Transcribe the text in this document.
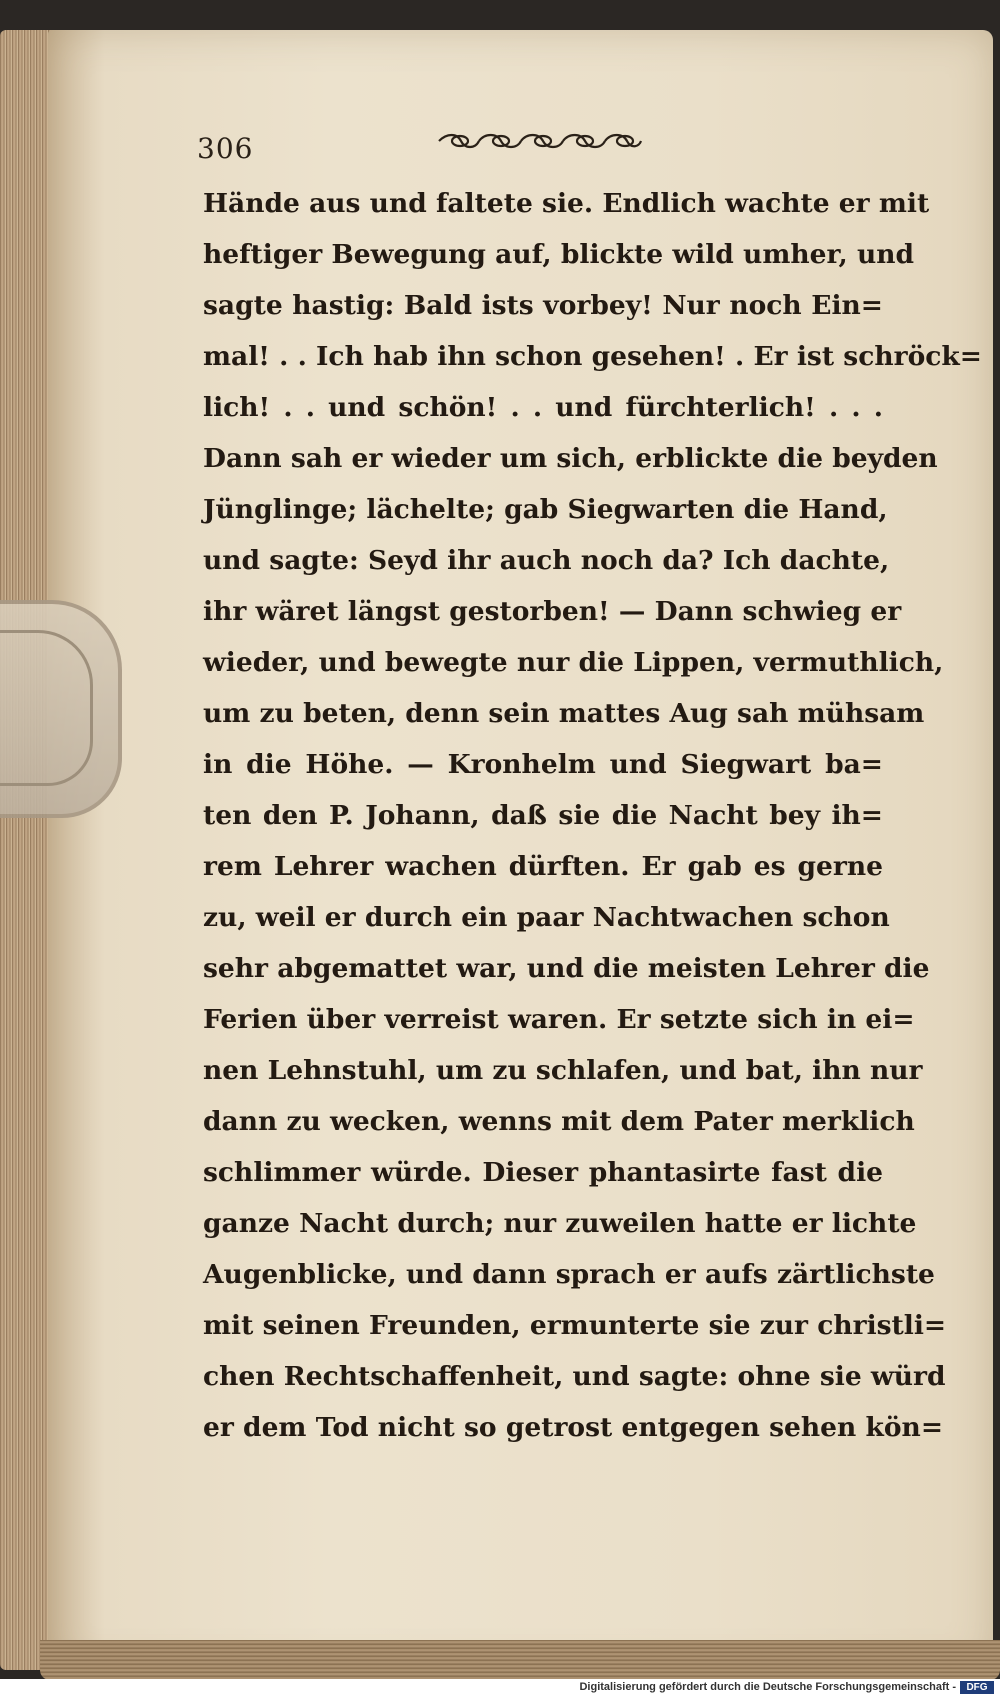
306
Hände aus und faltete sie. Endlich wachte er mit
heftiger Bewegung auf, blickte wild umher, und
sagte hastig: Bald ists vorbey! Nur noch Ein=
mal! . . Ich hab ihn schon gesehen! . Er ist schröck=
lich! . . und schön! . . und fürchterlich! . . .
Dann sah er wieder um sich, erblickte die beyden
Jünglinge; lächelte; gab Siegwarten die Hand,
und sagte: Seyd ihr auch noch da? Ich dachte,
ihr wäret längst gestorben! — Dann schwieg er
wieder, und bewegte nur die Lippen, vermuthlich,
um zu beten, denn sein mattes Aug sah mühsam
in die Höhe. — Kronhelm und Siegwart ba=
ten den P. Johann, daß sie die Nacht bey ih=
rem Lehrer wachen dürften. Er gab es gerne
zu, weil er durch ein paar Nachtwachen schon
sehr abgemattet war, und die meisten Lehrer die
Ferien über verreist waren. Er setzte sich in ei=
nen Lehnstuhl, um zu schlafen, und bat, ihn nur
dann zu wecken, wenns mit dem Pater merklich
schlimmer würde. Dieser phantasirte fast die
ganze Nacht durch; nur zuweilen hatte er lichte
Augenblicke, und dann sprach er aufs zärtlichste
mit seinen Freunden, ermunterte sie zur christli=
chen Rechtschaffenheit, und sagte: ohne sie würd
er dem Tod nicht so getrost entgegen sehen kön=
Digitalisierung gefördert durch die Deutsche Forschungsgemeinschaft -	DFG
